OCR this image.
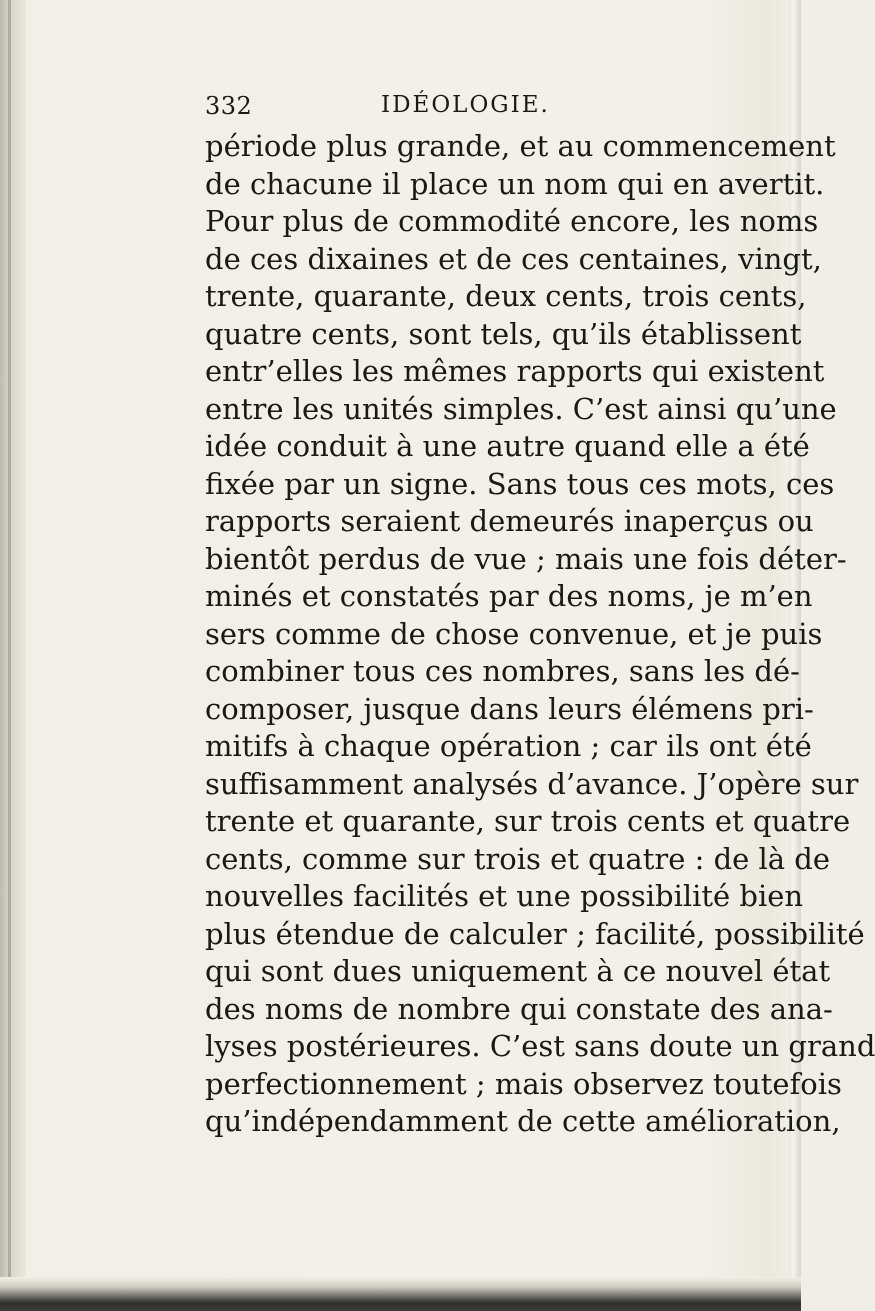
332	IDÉOLOGIE.
période plus grande, et au commencement
de chacune il place un nom qui en avertit.
Pour plus de commodité encore, les noms
de ces dixaines et de ces centaines, vingt,
trente, quarante, deux cents, trois cents,
quatre cents, sont tels, qu’ils établissent
entr’elles les mêmes rapports qui existent
entre les unités simples. C’est ainsi qu’une
idée conduit à une autre quand elle a été
fixée par un signe. Sans tous ces mots, ces
rapports seraient demeurés inaperçus ou
bientôt perdus de vue ; mais une fois déter-
minés et constatés par des noms, je m’en
sers comme de chose convenue, et je puis
combiner tous ces nombres, sans les dé-
composer, jusque dans leurs élémens pri-
mitifs à chaque opération ; car ils ont été
suffisamment analysés d’avance. J’opère sur
trente et quarante, sur trois cents et quatre
cents, comme sur trois et quatre : de là de
nouvelles facilités et une possibilité bien
plus étendue de calculer ; facilité, possibilité
qui sont dues uniquement à ce nouvel état
des noms de nombre qui constate des ana-
lyses postérieures. C’est sans doute un grand
perfectionnement ; mais observez toutefois
qu’indépendamment de cette amélioration,
